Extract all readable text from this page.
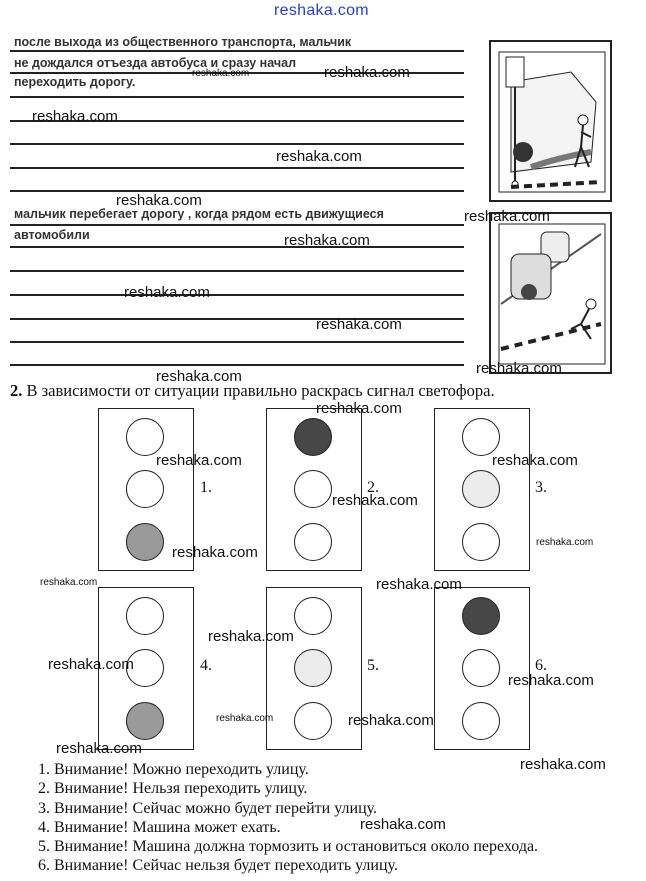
reshaka.com
после выхода из общественного транспорта, мальчик
не дождался отъезда автобуса и сразу начал
переходить дорогу.
мальчик перебегает дорогу , когда рядом есть движущиеся
автомобили
2. В зависимости от ситуации правильно раскрась сигнал светофора.
1.	2.	3.
4.	5.	6.
1. Внимание! Можно переходить улицу.
2. Внимание! Нельзя переходить улицу.
3. Внимание! Сейчас можно будет перейти улицу.
4. Внимание! Машина может ехать.
5. Внимание! Машина должна тормозить и остановиться около перехода.
6. Внимание! Сейчас нельзя будет переходить улицу.
reshaka.com	reshaka.com
reshaka.com
reshaka.com
reshaka.com
reshaka.com
reshaka.com
reshaka.com
reshaka.com
reshaka.com
reshaka.com
reshaka.com
reshaka.com	reshaka.com
reshaka.com
reshaka.com
reshaka.com
reshaka.com	reshaka.com
reshaka.com
reshaka.com
reshaka.com
reshaka.com	reshaka.com
reshaka.com
reshaka.com
reshaka.com
